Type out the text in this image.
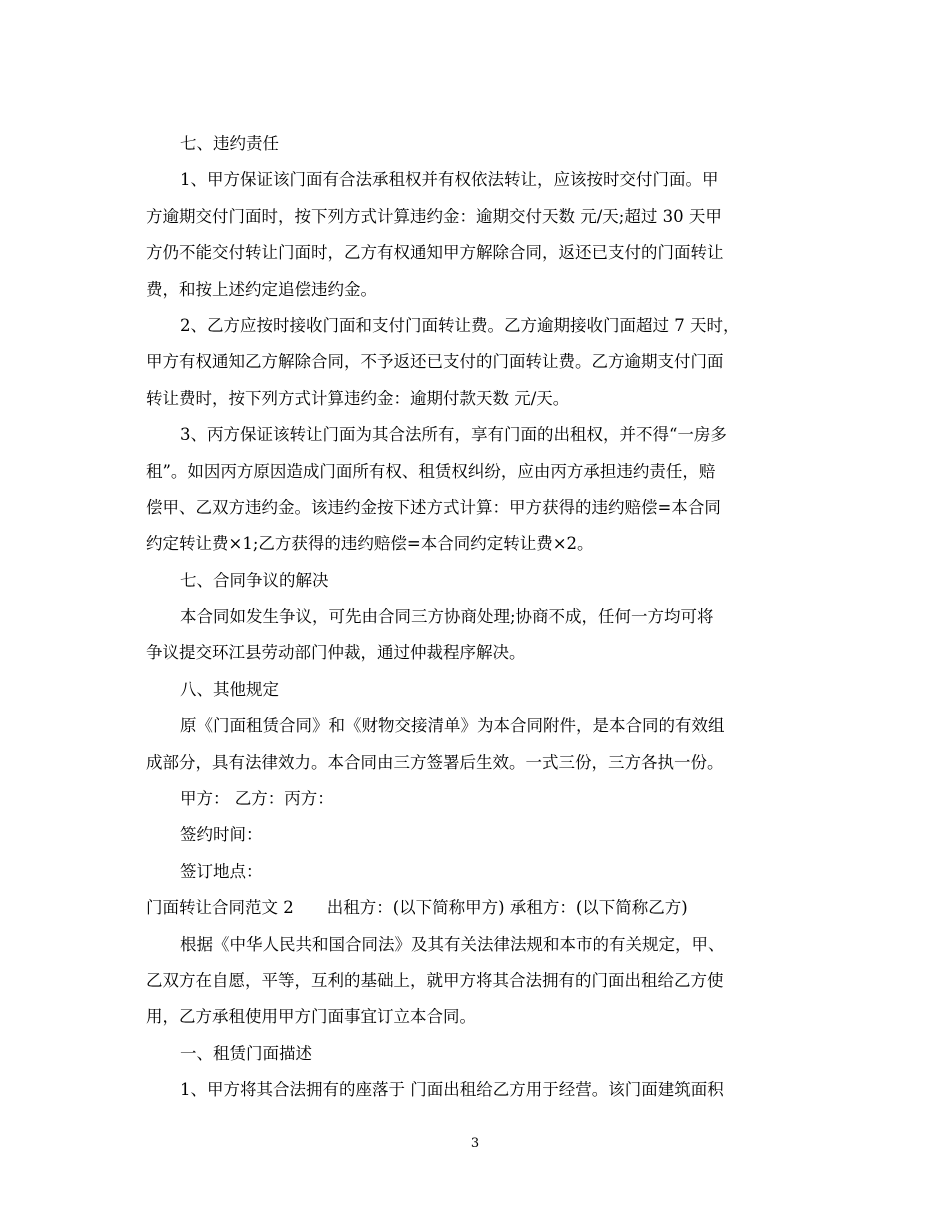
七、违约责任
1、甲方保证该门面有合法承租权并有权依法转让，应该按时交付门面。甲
方逾期交付门面时，按下列方式计算违约金：逾期交付天数 元/天;超过 30 天甲
方仍不能交付转让门面时，乙方有权通知甲方解除合同，返还已支付的门面转让
费，和按上述约定追偿违约金。
2、乙方应按时接收门面和支付门面转让费。乙方逾期接收门面超过 7 天时，
甲方有权通知乙方解除合同，不予返还已支付的门面转让费。乙方逾期支付门面
转让费时，按下列方式计算违约金：逾期付款天数 元/天。
3、丙方保证该转让门面为其合法所有，享有门面的出租权，并不得“一房多
租”。如因丙方原因造成门面所有权、租赁权纠纷，应由丙方承担违约责任，赔
偿甲、乙双方违约金。该违约金按下述方式计算：甲方获得的违约赔偿=本合同
约定转让费×1;乙方获得的违约赔偿=本合同约定转让费×2。
七、合同争议的解决
本合同如发生争议，可先由合同三方协商处理;协商不成，任何一方均可将
争议提交环江县劳动部门仲裁，通过仲裁程序解决。
八、其他规定
原《门面租赁合同》和《财物交接清单》为本合同附件，是本合同的有效组
成部分，具有法律效力。本合同由三方签署后生效。一式三份，三方各执一份。
甲方： 乙方：丙方：
签约时间：
签订地点：
门面转让合同范文 2　　出租方：(以下简称甲方) 承租方：(以下简称乙方)
根据《中华人民共和国合同法》及其有关法律法规和本市的有关规定，甲、
乙双方在自愿，平等，互利的基础上，就甲方将其合法拥有的门面出租给乙方使
用，乙方承租使用甲方门面事宜订立本合同。
一、租赁门面描述
1、甲方将其合法拥有的座落于 门面出租给乙方用于经营。该门面建筑面积
3
